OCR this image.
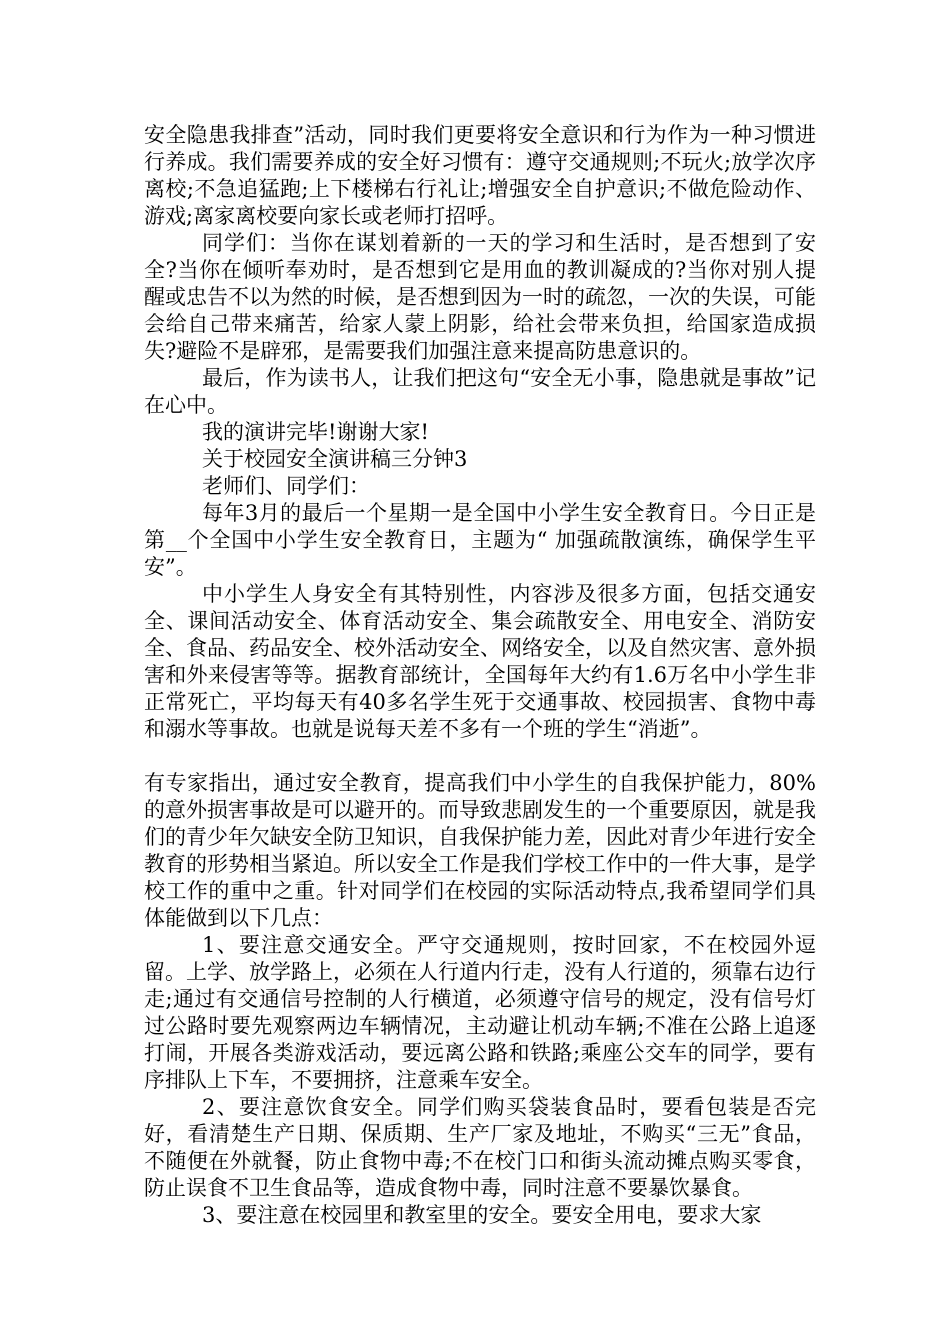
安全隐患我排查”活动，同时我们更要将安全意识和行为作为一种习惯进行养成。我们需要养成的安全好习惯有：遵守交通规则;不玩火;放学次序离校;不急追猛跑;上下楼梯右行礼让;增强安全自护意识;不做危险动作、游戏;离家离校要向家长或老师打招呼。

同学们：当你在谋划着新的一天的学习和生活时，是否想到了安全?当你在倾听奉劝时，是否想到它是用血的教训凝成的?当你对别人提醒或忠告不以为然的时候，是否想到因为一时的疏忽，一次的失误，可能会给自己带来痛苦，给家人蒙上阴影，给社会带来负担，给国家造成损失?避险不是辟邪，是需要我们加强注意来提高防患意识的。

最后，作为读书人，让我们把这句“安全无小事，隐患就是事故”记在心中。

我的演讲完毕!谢谢大家!

关于校园安全演讲稿三分钟3

老师们、同学们：

每年3月的最后一个星期一是全国中小学生安全教育日。今日正是第__个全国中小学生安全教育日，主题为“ 加强疏散演练，确保学生平安”。

中小学生人身安全有其特别性，内容涉及很多方面，包括交通安全、课间活动安全、体育活动安全、集会疏散安全、用电安全、消防安全、食品、药品安全、校外活动安全、网络安全，以及自然灾害、意外损害和外来侵害等等。据教育部统计，全国每年大约有1.6万名中小学生非正常死亡，平均每天有40多名学生死于交通事故、校园损害、食物中毒和溺水等事故。也就是说每天差不多有一个班的学生“消逝”。

有专家指出，通过安全教育，提高我们中小学生的自我保护能力，80%的意外损害事故是可以避开的。而导致悲剧发生的一个重要原因，就是我们的青少年欠缺安全防卫知识，自我保护能力差，因此对青少年进行安全教育的形势相当紧迫。所以安全工作是我们学校工作中的一件大事，是学校工作的重中之重。针对同学们在校园的实际活动特点,我希望同学们具体能做到以下几点：

1、要注意交通安全。严守交通规则，按时回家，不在校园外逗留。上学、放学路上，必须在人行道内行走，没有人行道的，须靠右边行走;通过有交通信号控制的人行横道，必须遵守信号的规定，没有信号灯过公路时要先观察两边车辆情况，主动避让机动车辆;不准在公路上追逐打闹，开展各类游戏活动，要远离公路和铁路;乘座公交车的同学，要有序排队上下车，不要拥挤，注意乘车安全。

2、要注意饮食安全。同学们购买袋装食品时，要看包装是否完好，看清楚生产日期、保质期、生产厂家及地址，不购买“三无”食品，不随便在外就餐，防止食物中毒;不在校门口和街头流动摊点购买零食，防止误食不卫生食品等，造成食物中毒，同时注意不要暴饮暴食。

3、要注意在校园里和教室里的安全。要安全用电，要求大家
